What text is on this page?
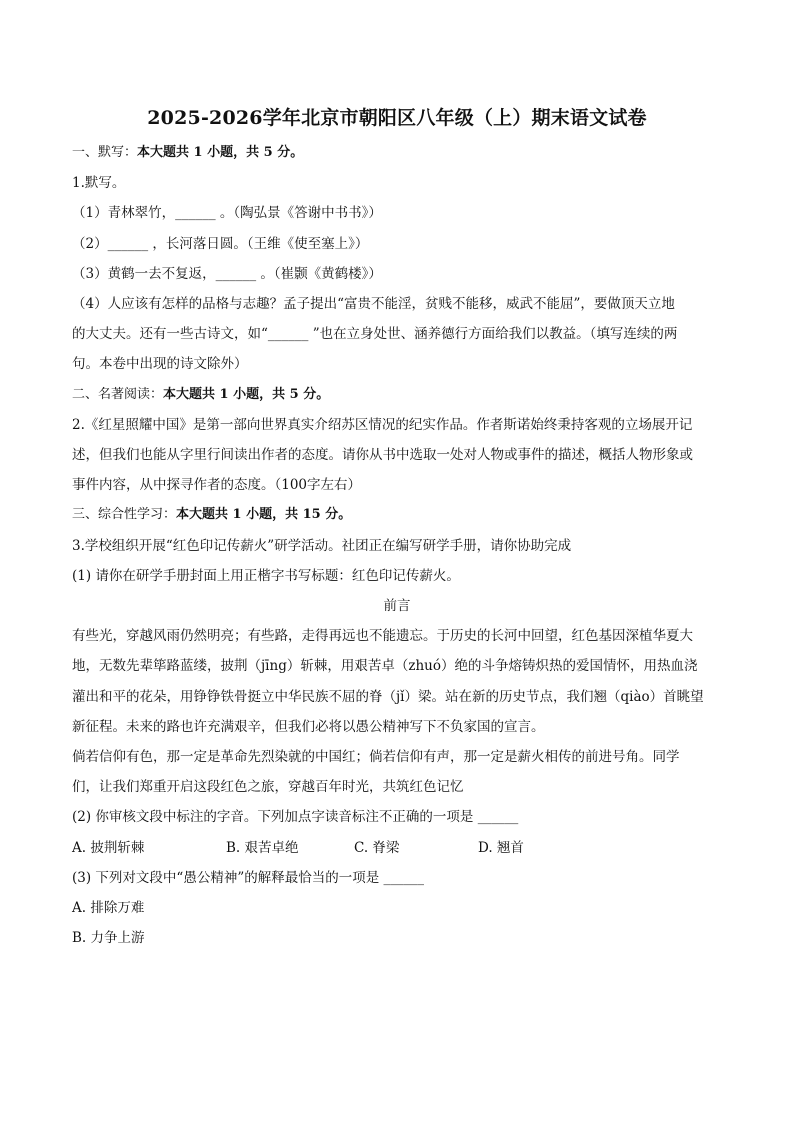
2025-2026学年北京市朝阳区八年级（上）期末语文试卷
一、默写：本大题共 1 小题，共 5 分。
1.默写。
（1）青林翠竹，______ 。（陶弘景《答谢中书书》）
（2）______ ，长河落日圆。（王维《使至塞上》）
（3）黄鹤一去不复返，______ 。（崔颢《黄鹤楼》）
（4）人应该有怎样的品格与志趣？孟子提出“富贵不能淫，贫贱不能移，威武不能屈”，要做顶天立地
的大丈夫。还有一些古诗文，如“______ ”也在立身处世、涵养德行方面给我们以教益。（填写连续的两
句。本卷中出现的诗文除外）
二、名著阅读：本大题共 1 小题，共 5 分。
2.《红星照耀中国》是第一部向世界真实介绍苏区情况的纪实作品。作者斯诺始终秉持客观的立场展开记
述，但我们也能从字里行间读出作者的态度。请你从书中选取一处对人物或事件的描述，概括人物形象或
事件内容，从中探寻作者的态度。（100字左右）
三、综合性学习：本大题共 1 小题，共 15 分。
3.学校组织开展“红色印记传薪火”研学活动。社团正在编写研学手册，请你协助完成
(1) 请你在研学手册封面上用正楷字书写标题：红色印记传薪火。
前言
有些光，穿越风雨仍然明亮；有些路，走得再远也不能遗忘。于历史的长河中回望，红色基因深植华夏大
地，无数先辈筚路蓝缕，披荆（jīng）斩棘，用艰苦卓（zhuó）绝的斗争熔铸炽热的爱国情怀，用热血浇
灌出和平的花朵，用铮铮铁骨挺立中华民族不屈的脊（jǐ）梁。站在新的历史节点，我们翘（qiào）首眺望
新征程。未来的路也许充满艰辛，但我们必将以愚公精神写下不负家国的宣言。
倘若信仰有色，那一定是革命先烈染就的中国红；倘若信仰有声，那一定是薪火相传的前进号角。同学
们，让我们郑重开启这段红色之旅，穿越百年时光，共筑红色记忆
(2) 你审核文段中标注的字音。下列加点字读音标注不正确的一项是 ______
A. 披荆斩棘	B. 艰苦卓绝	C. 脊梁	D. 翘首
(3) 下列对文段中“愚公精神”的解释最恰当的一项是 ______
A. 排除万难
B. 力争上游
